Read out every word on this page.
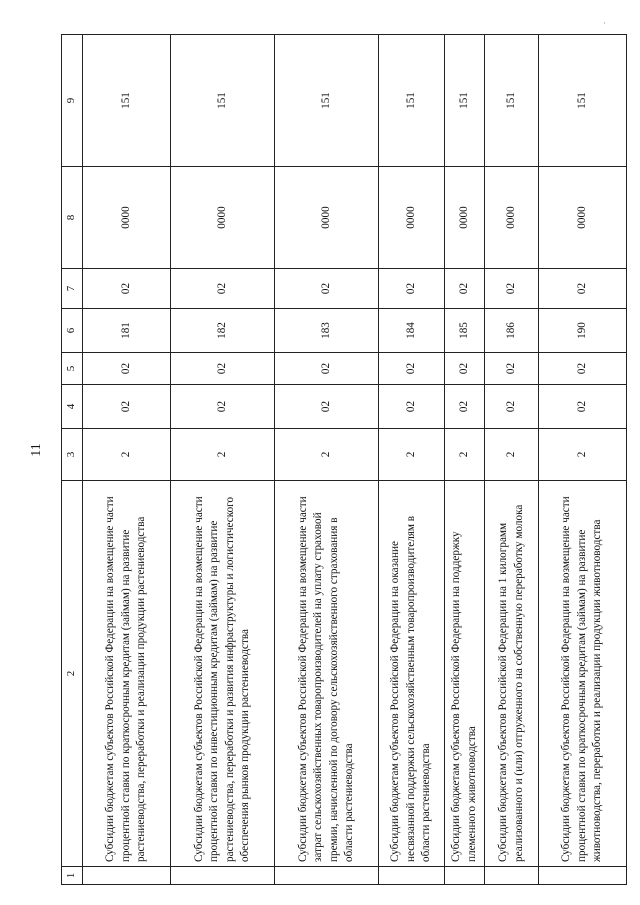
·
11
1	2	3	4	5	6	7	8	9
	Субсидии бюджетам субъектов Российской Федерации на возмещение части процентной ставки по краткосрочным кредитам (займам) на развитие растениеводства, переработки и реализации продукции растениеводства	2	02	02	181	02	0000	151
	Субсидии бюджетам субъектов Российской Федерации на возмещение части процентной ставки по инвестиционным кредитам (займам) на развитие растениеводства, переработки и развития инфраструктуры и логистического обеспечения рынков продукции растениеводства	2	02	02	182	02	0000	151
	Субсидии бюджетам субъектов Российской Федерации на возмещение части затрат сельскохозяйственных товаропроизводителей на уплату страховой премии, начисленной по договору сельскохозяйственного страхования в области растениеводства	2	02	02	183	02	0000	151
	Субсидии бюджетам субъектов Российской Федерации на оказание несвязанной поддержки сельскохозяйственным товаропроизводителям в области растениеводства	2	02	02	184	02	0000	151
	Субсидии бюджетам субъектов Российской Федерации на поддержку племенного животноводства	2	02	02	185	02	0000	151
	Субсидии бюджетам субъектов Российской Федерации на 1 килограмм реализованного и (или) отгруженного на собственную переработку молока	2	02	02	186	02	0000	151
	Субсидии бюджетам субъектов Российской Федерации на возмещение части процентной ставки по краткосрочным кредитам (займам) на развитие животноводства, переработки и реализации продукции животноводства	2	02	02	190	02	0000	151
